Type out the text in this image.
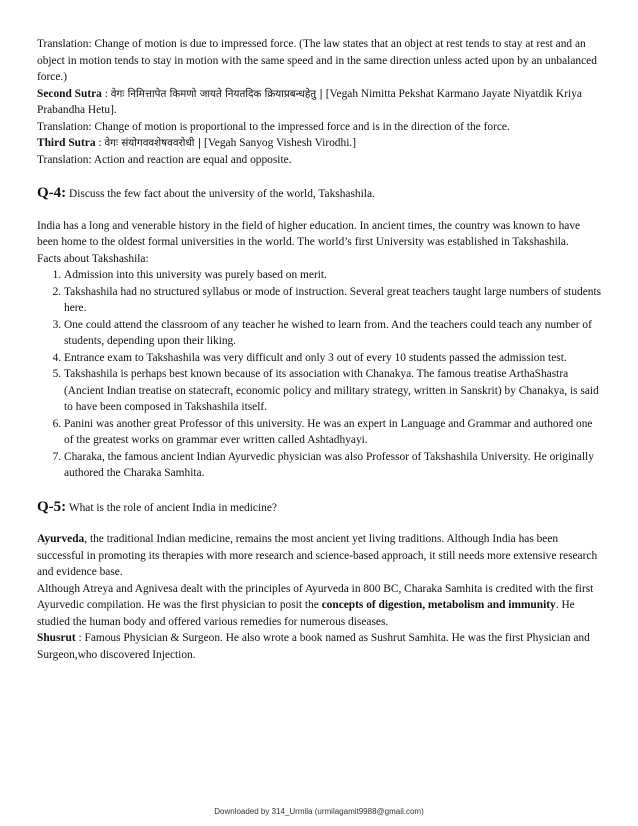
Translation: Change of motion is due to impressed force. (The law states that an object at rest tends to stay at rest and an object in motion tends to stay in motion with the same speed and in the same direction unless acted upon by an unbalanced force.)

Second Sutra : वेगः निमित्तापेत किमणो जायते नियतदिक क्रियाप्रबन्धहेतु | [Vegah Nimitta Pekshat Karmano Jayate Niyatdik Kriya Prabandha Hetu].

Translation: Change of motion is proportional to the impressed force and is in the direction of the force.

Third Sutra : वेगः संयोगववशेषववरोधी | [Vegah Sanyog Vishesh Virodhi.]

Translation: Action and reaction are equal and opposite.

Q-4: Discuss the few fact about the university of the world, Takshashila.

India has a long and venerable history in the field of higher education. In ancient times, the country was known to have been home to the oldest formal universities in the world. The world’s first University was established in Takshashila.

Facts about Takshashila:

1. Admission into this university was purely based on merit.
2. Takshashila had no structured syllabus or mode of instruction. Several great teachers taught large numbers of students here.
3. One could attend the classroom of any teacher he wished to learn from. And the teachers could teach any number of students, depending upon their liking.
4. Entrance exam to Takshashila was very difficult and only 3 out of every 10 students passed the admission test.
5. Takshashila is perhaps best known because of its association with Chanakya. The famous treatise ArthaShastra (Ancient Indian treatise on statecraft, economic policy and military strategy, written in Sanskrit) by Chanakya, is said to have been composed in Takshashila itself.
6. Panini was another great Professor of this university. He was an expert in Language and Grammar and authored one of the greatest works on grammar ever written called Ashtadhyayi.
7. Charaka, the famous ancient Indian Ayurvedic physician was also Professor of Takshashila University. He originally authored the Charaka Samhita.

Q-5: What is the role of ancient India in medicine?

Ayurveda, the traditional Indian medicine, remains the most ancient yet living traditions. Although India has been successful in promoting its therapies with more research and science-based approach, it still needs more extensive research and evidence base.

Although Atreya and Agnivesa dealt with the principles of Ayurveda in 800 BC, Charaka Samhita is credited with the first Ayurvedic compilation. He was the first physician to posit the concepts of digestion, metabolism and immunity. He studied the human body and offered various remedies for numerous diseases.

Shusrut : Famous Physician & Surgeon. He also wrote a book named as Sushrut Samhita. He was the first Physician and Surgeon,who discovered Injection.

Downloaded by 314_Urmila (urmilagamit9988@gmail.com)
